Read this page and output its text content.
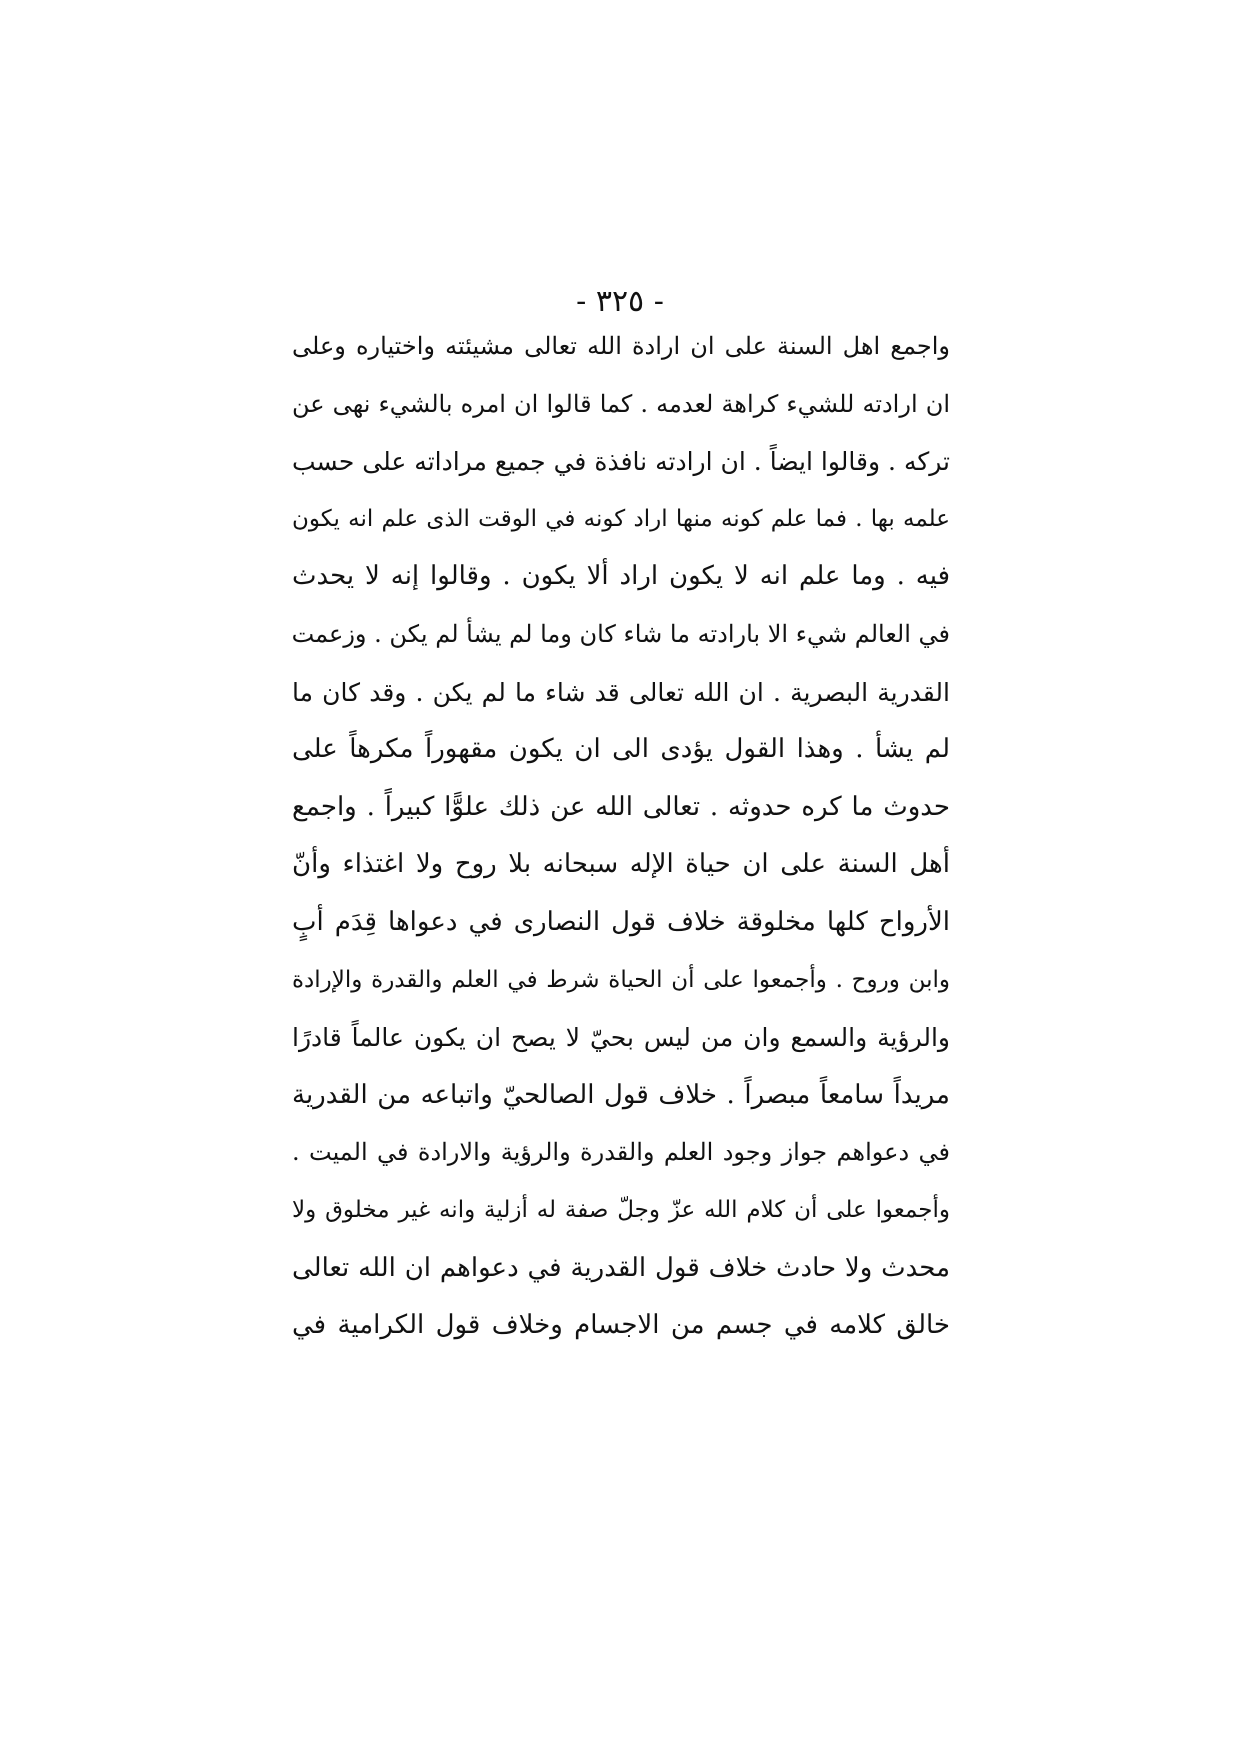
- ٣٢٥ -
واجمع اهل السنة على ان ارادة الله تعالى مشيئته واختياره وعلى
ان ارادته للشيء كراهة لعدمه . كما قالوا ان امره بالشيء نهى عن
تركه . وقالوا ايضاً . ان ارادته نافذة في جميع مراداته على حسب
علمه بها . فما علم كونه منها اراد كونه في الوقت الذى علم انه يكون
فيه . وما علم انه لا يكون اراد ألا يكون . وقالوا إنه لا يحدث
في العالم شيء الا بارادته ما شاء كان وما لم يشأ لم يكن . وزعمت
القدرية البصرية . ان الله تعالى قد شاء ما لم يكن . وقد كان ما
لم يشأ . وهذا القول يؤدى الى ان يكون مقهوراً مكرهاً على
حدوث ما كره حدوثه . تعالى الله عن ذلك علوًّا كبيراً . واجمع
أهل السنة على ان حياة الإله سبحانه بلا روح ولا اغتذاء وأنّ
الأرواح كلها مخلوقة خلاف قول النصارى في دعواها قِدَم أبٍ
وابن وروح . وأجمعوا على أن الحياة شرط في العلم والقدرة والإرادة
والرؤية والسمع وان من ليس بحيّ لا يصح ان يكون عالماً قادرًا
مريداً سامعاً مبصراً . خلاف قول الصالحيّ واتباعه من القدرية
في دعواهم جواز وجود العلم والقدرة والرؤية والارادة في الميت .
وأجمعوا على أن كلام الله عزّ وجلّ صفة له أزلية وانه غير مخلوق ولا
محدث ولا حادث خلاف قول القدرية في دعواهم ان الله تعالى
خالق كلامه في جسم من الاجسام وخلاف قول الكرامية في
